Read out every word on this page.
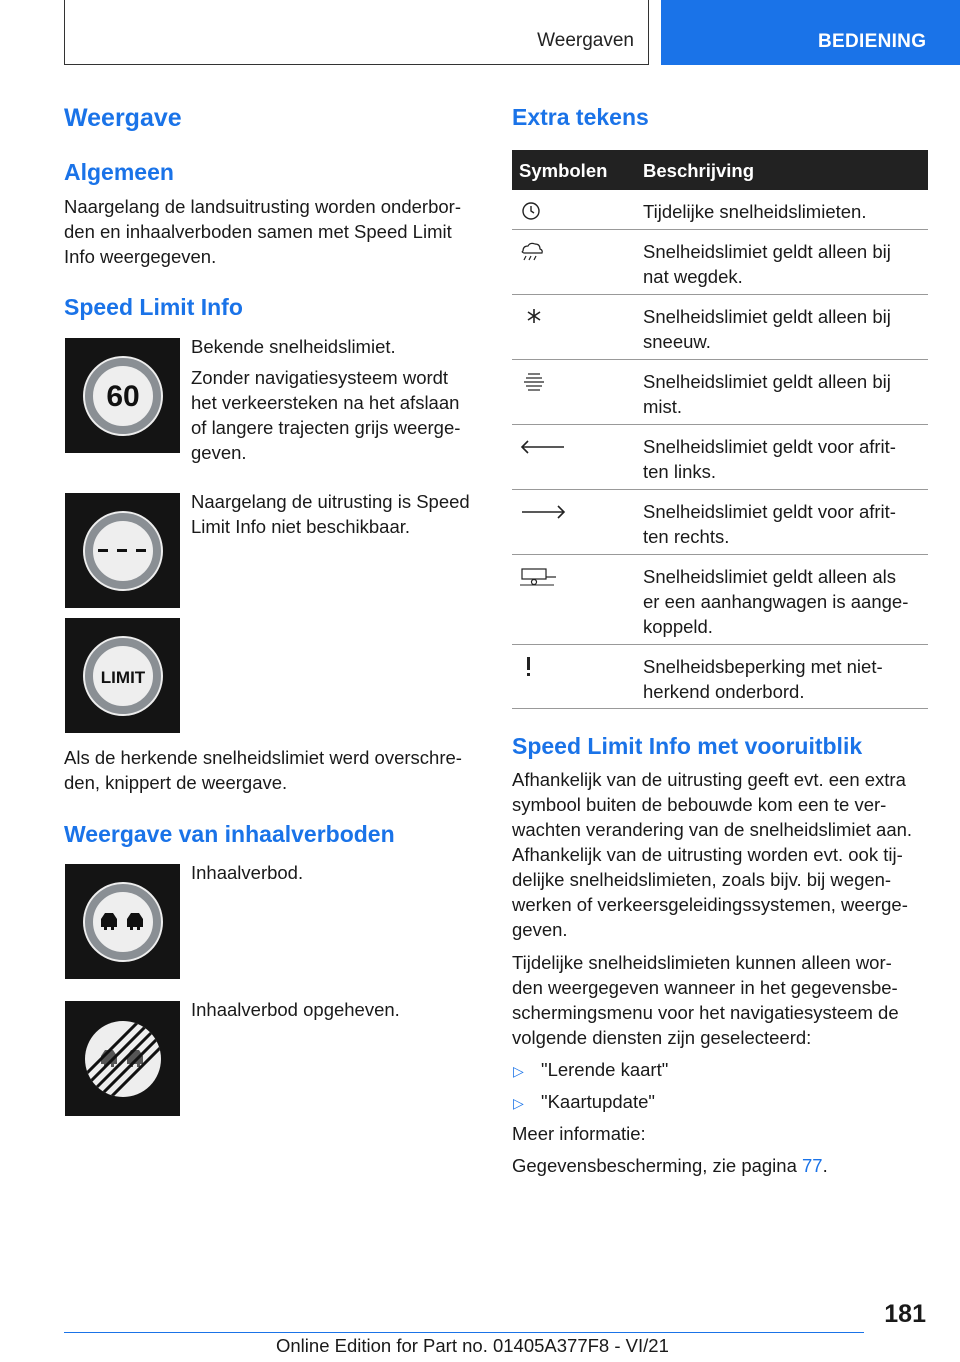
Weergaven	BEDIENING
Weergave
Algemeen
Naargelang de landsuitrusting worden onderbor-
den en inhaalverboden samen met Speed Limit
Info weergegeven.
Speed Limit Info
60
Bekende snelheidslimiet.
Zonder navigatiesysteem wordt
het verkeersteken na het afslaan
of langere trajecten grijs weerge-
geven.
Naargelang de uitrusting is Speed
Limit Info niet beschikbaar.
LIMIT
Als de herkende snelheidslimiet werd overschre-
den, knippert de weergave.
Weergave van inhaalverboden
Inhaalverbod.
Inhaalverbod opgeheven.
Extra tekens
Symbolen Beschrijving
Tijdelijke snelheidslimieten.
Snelheidslimiet geldt alleen bij
nat wegdek.
Snelheidslimiet geldt alleen bij
sneeuw.
Snelheidslimiet geldt alleen bij
mist.
Snelheidslimiet geldt voor afrit-
ten links.
Snelheidslimiet geldt voor afrit-
ten rechts.
Snelheidslimiet geldt alleen als
er een aanhangwagen is aange-
koppeld.
Snelheidsbeperking met niet-
herkend onderbord.
Speed Limit Info met vooruitblik
Afhankelijk van de uitrusting geeft evt. een extra
symbool buiten de bebouwde kom een te ver-
wachten verandering van de snelheidslimiet aan.
Afhankelijk van de uitrusting worden evt. ook tij-
delijke snelheidslimieten, zoals bijv. bij wegen-
werken of verkeersgeleidingssystemen, weerge-
geven.
Tijdelijke snelheidslimieten kunnen alleen wor-
den weergegeven wanneer in het gegevensbe-
schermingsmenu voor het navigatiesysteem de
volgende diensten zijn geselecteerd:
▷ "Lerende kaart"
▷ "Kaartupdate"
Meer informatie:
Gegevensbescherming, zie pagina 77.
181
Online Edition for Part no. 01405A377F8 - VI/21
